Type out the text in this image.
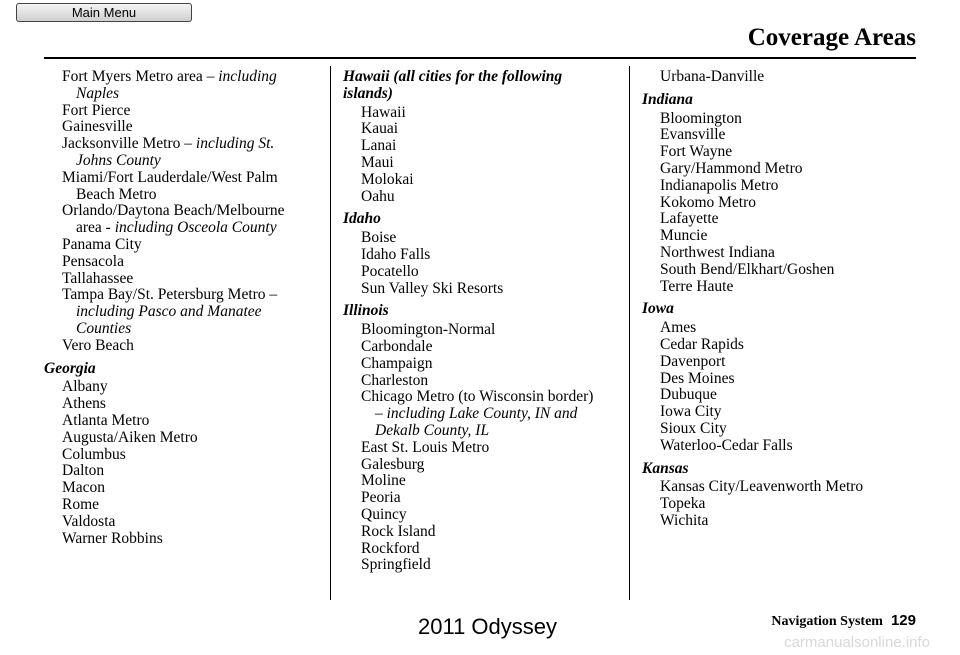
Main Menu
Coverage Areas
Fort Myers Metro area – including
Naples
Fort Pierce
Gainesville
Jacksonville Metro – including St.
Johns County
Miami/Fort Lauderdale/West Palm
Beach Metro
Orlando/Daytona Beach/Melbourne
area - including Osceola County
Panama City
Pensacola
Tallahassee
Tampa Bay/St. Petersburg Metro –
including Pasco and Manatee
Counties
Vero Beach
Georgia
Albany
Athens
Atlanta Metro
Augusta/Aiken Metro
Columbus
Dalton
Macon
Rome
Valdosta
Warner Robbins
Hawaii (all cities for the following
islands)
Hawaii
Kauai
Lanai
Maui
Molokai
Oahu
Idaho
Boise
Idaho Falls
Pocatello
Sun Valley Ski Resorts
Illinois
Bloomington-Normal
Carbondale
Champaign
Charleston
Chicago Metro (to Wisconsin border)
– including Lake County, IN and
Dekalb County, IL
East St. Louis Metro
Galesburg
Moline
Peoria
Quincy
Rock Island
Rockford
Springfield
Urbana-Danville
Indiana
Bloomington
Evansville
Fort Wayne
Gary/Hammond Metro
Indianapolis Metro
Kokomo Metro
Lafayette
Muncie
Northwest Indiana
South Bend/Elkhart/Goshen
Terre Haute
Iowa
Ames
Cedar Rapids
Davenport
Des Moines
Dubuque
Iowa City
Sioux City
Waterloo-Cedar Falls
Kansas
Kansas City/Leavenworth Metro
Topeka
Wichita
Navigation System 129
2011 Odyssey
carmanualsonline.info
